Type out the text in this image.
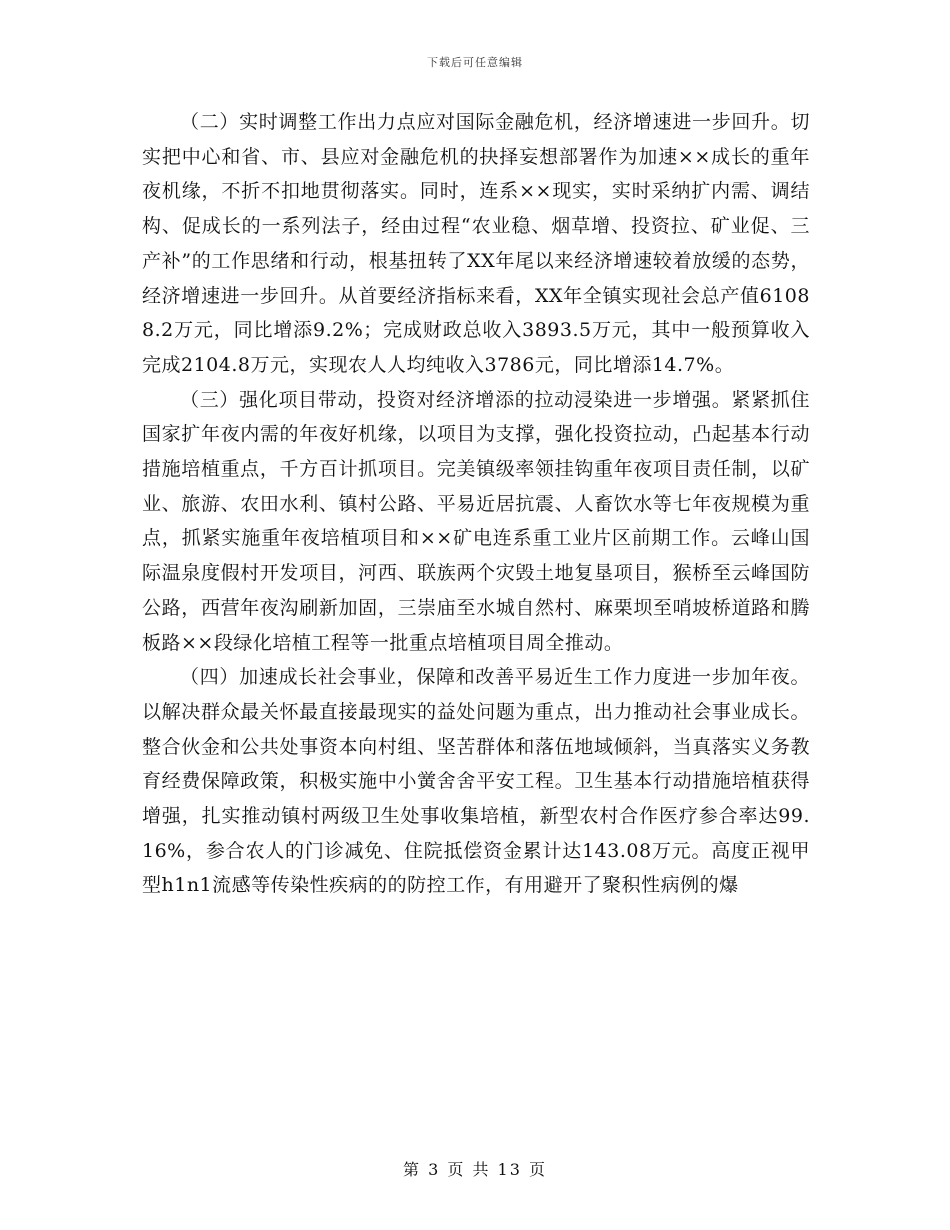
下载后可任意编辑

（二）实时调整工作出力点应对国际金融危机，经济增速进一步回升。切实把中心和省、市、县应对金融危机的抉择妄想部署作为加速××成长的重年夜机缘，不折不扣地贯彻落实。同时，连系××现实，实时采纳扩内需、调结构、促成长的一系列法子，经由过程“农业稳、烟草增、投资拉、矿业促、三产补”的工作思绪和行动，根基扭转了XX年尾以来经济增速较着放缓的态势，经济增速进一步回升。从首要经济指标来看，XX年全镇实现社会总产值61088.2万元，同比增添9.2%；完成财政总收入3893.5万元，其中一般预算收入完成2104.8万元，实现农人人均纯收入3786元，同比增添14.7%。

（三）强化项目带动，投资对经济增添的拉动浸染进一步增强。紧紧抓住国家扩年夜内需的年夜好机缘，以项目为支撑，强化投资拉动，凸起基本行动措施培植重点，千方百计抓项目。完美镇级率领挂钩重年夜项目责任制，以矿业、旅游、农田水利、镇村公路、平易近居抗震、人畜饮水等七年夜规模为重点，抓紧实施重年夜培植项目和××矿电连系重工业片区前期工作。云峰山国际温泉度假村开发项目，河西、联族两个灾毁土地复垦项目，猴桥至云峰国防公路，西营年夜沟刷新加固，三崇庙至水城自然村、麻栗坝至哨坡桥道路和腾板路××段绿化培植工程等一批重点培植项目周全推动。

（四）加速成长社会事业，保障和改善平易近生工作力度进一步加年夜。以解决群众最关怀最直接最现实的益处问题为重点，出力推动社会事业成长。整合伙金和公共处事资本向村组、坚苦群体和落伍地域倾斜，当真落实义务教育经费保障政策，积极实施中小黉舍舍平安工程。卫生基本行动措施培植获得增强，扎实推动镇村两级卫生处事收集培植，新型农村合作医疗参合率达99.16%，参合农人的门诊减免、住院抵偿资金累计达143.08万元。高度正视甲型h1n1流感等传染性疾病的的防控工作，有用避开了聚积性病例的爆

第 3 页 共 13 页
